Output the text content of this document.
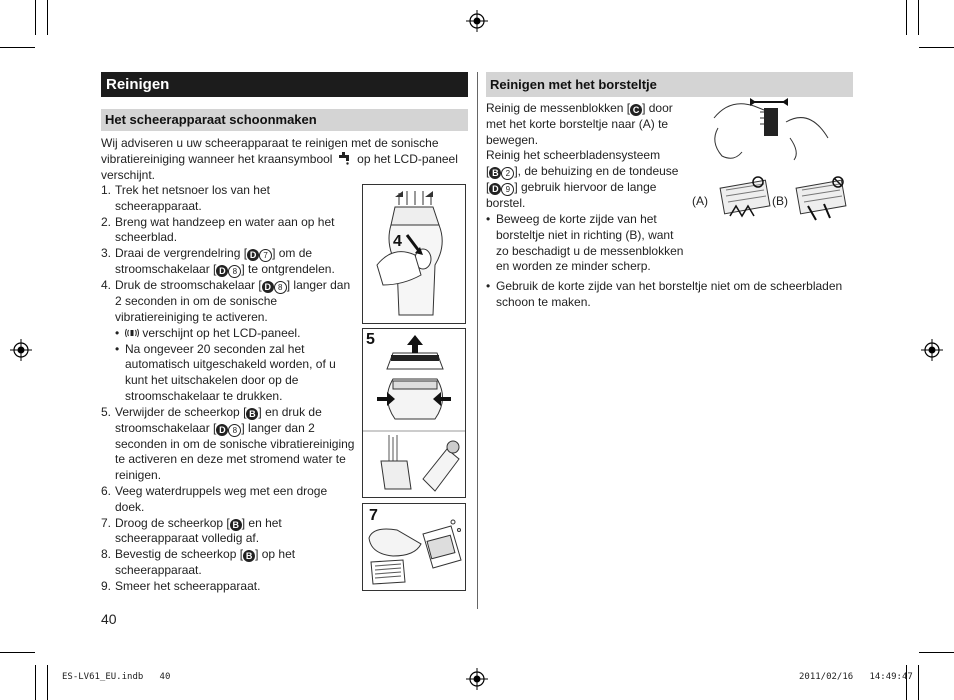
Reinigen
Het scheerapparaat schoonmaken

Wij adviseren u uw scheerapparaat te reinigen met de sonische

vibratiereiniging wanneer het kraansymbool op het LCD-paneel

verschijnt.

1. Trek het netsnoer los van het
scheerapparaat.
2. Breng wat handzeep en water aan op het
scheerblad.
3. Draai de vergrendelring [ D 7 ] om de
stroomschakelaar [ D 8 ] te ontgrendelen.
4. Druk de stroomschakelaar [ D 8 ] langer dan
2 seconden in om de sonische
vibratiereiniging te activeren.
• verschijnt op het LCD-paneel.
• Na ongeveer 20 seconden zal het
automatisch uitgeschakeld worden, of u
kunt het uitschakelen door op de
stroomschakelaar te drukken.
5. Verwijder de scheerkop [ B ] en druk de
stroomschakelaar [ D 8 ] langer dan 2
seconden in om de sonische vibratiereiniging
te activeren en deze met stromend water te
reinigen.
6. Veeg waterdruppels weg met een droge
doek.
7. Droog de scheerkop [ B ] en het
scheerapparaat volledig af.
8. Bevestig de scheerkop [ B ] op het
scheerapparaat.
9. Smeer het scheerapparaat.
4
5
7
Reinigen met het borsteltje

Reinig de messenblokken [ C ] door

met het korte borsteltje naar (A) te

bewegen.

Reinig het scheerbladensysteem

[ B 2 ], de behuizing en de tondeuse

[ D 9 ] gebruik hiervoor de lange

borstel.

• Beweeg de korte zijde van het
borsteltje niet in richting (B), want
zo beschadigt u de messenblokken
en worden ze minder scherp.
• Gebruik de korte zijde van het borsteltje niet om de scheerbladen
schoon te maken.
(A)	(B)
40
ES-LV61_EU.indb   40	2011/02/16   14:49:47
